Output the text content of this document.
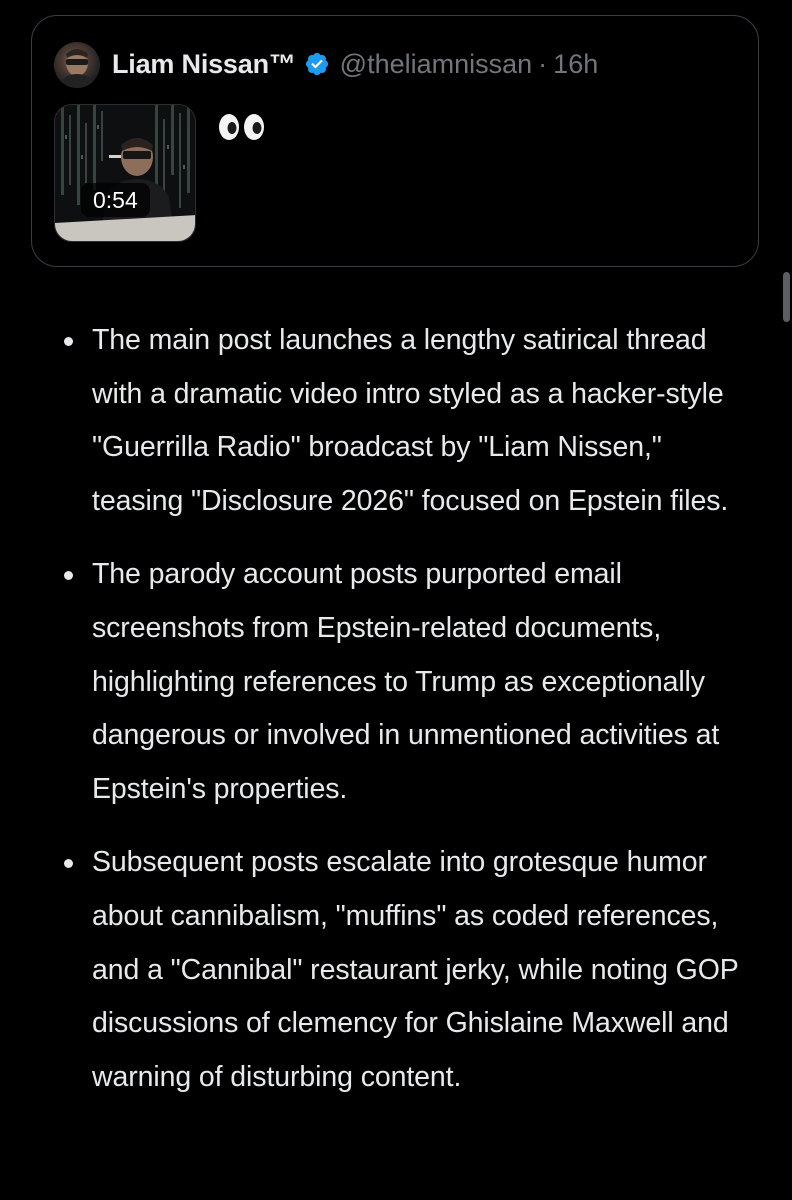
Liam Nissan™ @theliamnissan · 16h
0:54
The main post launches a lengthy satirical thread with a dramatic video intro styled as a hacker-style "Guerrilla Radio" broadcast by "Liam Nissen," teasing "Disclosure 2026" focused on Epstein files.
The parody account posts purported email screenshots from Epstein-related documents, highlighting references to Trump as exceptionally dangerous or involved in unmentioned activities at Epstein's properties.
Subsequent posts escalate into grotesque humor about cannibalism, "muffins" as coded references, and a "Cannibal" restaurant jerky, while noting GOP discussions of clemency for Ghislaine Maxwell and warning of disturbing content.
